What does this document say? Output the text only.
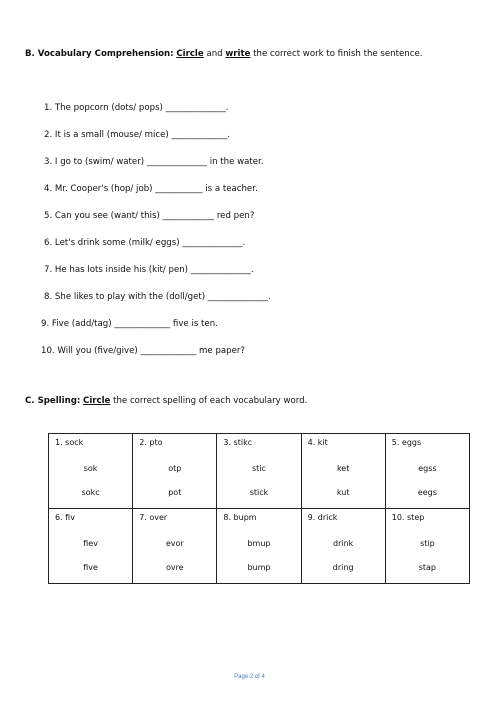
B. Vocabulary Comprehension: Circle and write the correct work to finish the sentence.
1. The popcorn (dots/ pops) ______________.
2. It is a small (mouse/ mice) _____________.
3. I go to (swim/ water) ______________ in the water.
4. Mr. Cooper's (hop/ job) ___________ is a teacher.
5. Can you see (want/ this) ____________ red pen?
6. Let's drink some (milk/ eggs) ______________.
7. He has lots inside his (kit/ pen) ______________.
8. She likes to play with the (doll/get) ______________.
9. Five (add/tag) _____________ five is ten.
10. Will you (five/give) _____________ me paper?
C. Spelling: Circle the correct spelling of each vocabulary word.
1. sock
sok
sokc	2. pto
otp
pot	3. stikc
stic
stick	4. kit
ket
kut	5. eggs
egss
eegs

6. fiv
fiev
five	7. over
evor
ovre	8. bupm
bmup
bump	9. drick
drink
dring	10. step
stip
stap
Page 2 of 4
